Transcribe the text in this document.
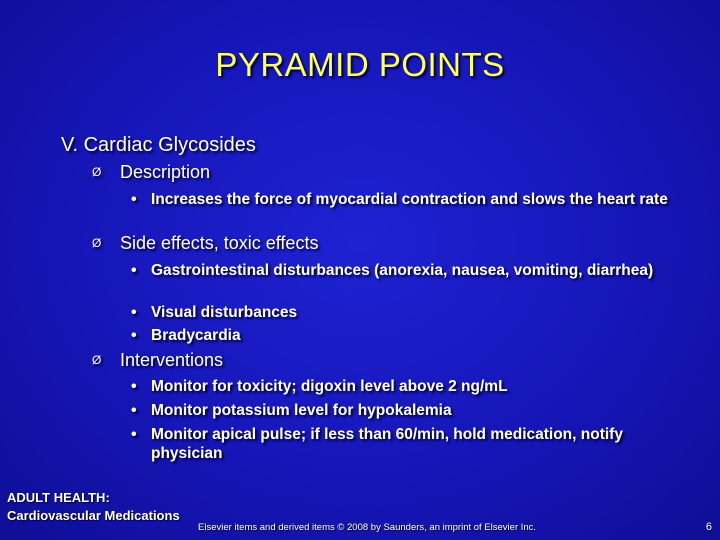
PYRAMID POINTS
V. Cardiac Glycosides
Ø Description
• Increases the force of myocardial contraction and slows the heart rate
Ø Side effects, toxic effects
• Gastrointestinal disturbances (anorexia, nausea, vomiting, diarrhea)
• Visual disturbances
• Bradycardia
Ø Interventions
• Monitor for toxicity; digoxin level above 2 ng/mL
• Monitor potassium level for hypokalemia
• Monitor apical pulse; if less than 60/min, hold medication, notify physician
ADULT HEALTH:
Cardiovascular Medications
Elsevier items and derived items © 2008 by Saunders, an imprint of Elsevier Inc.	6
